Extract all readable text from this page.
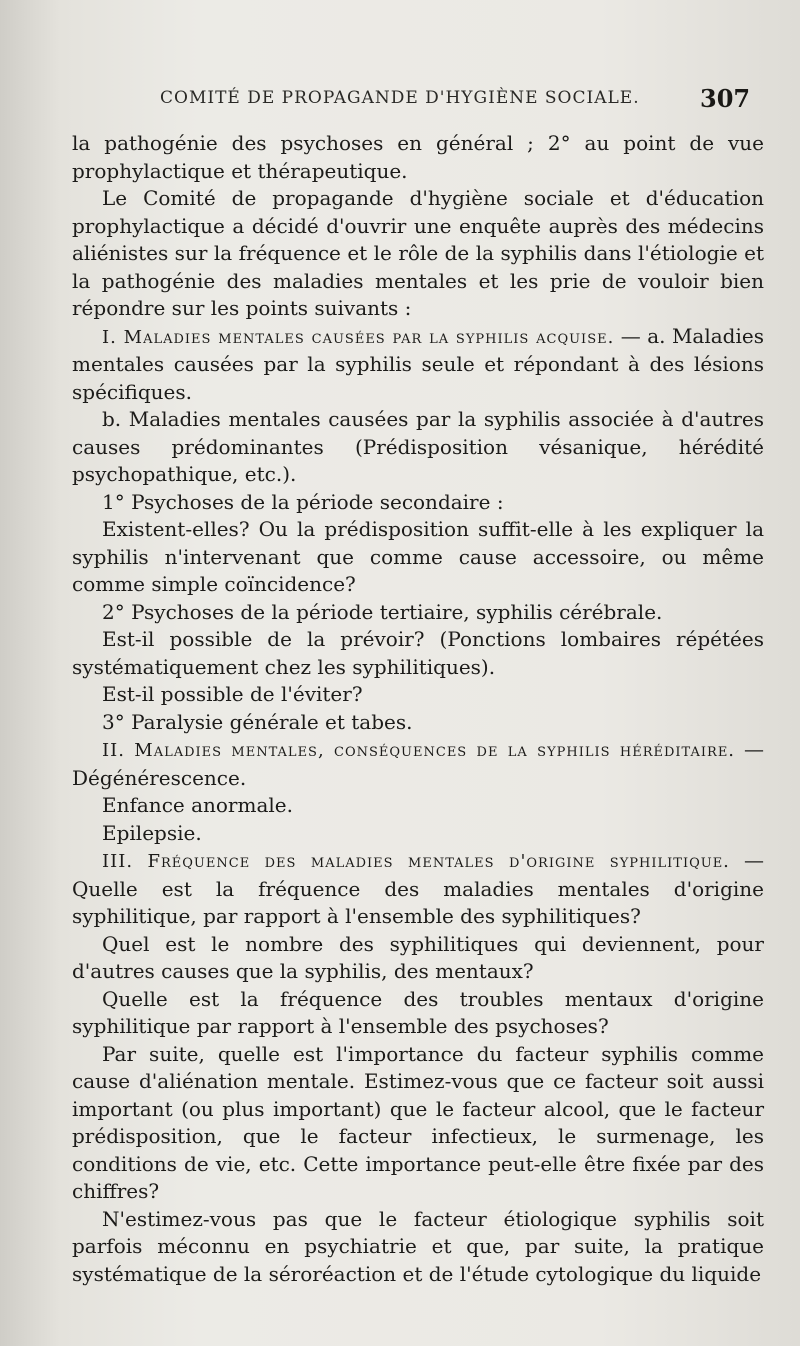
COMITÉ DE PROPAGANDE D'HYGIÈNE SOCIALE.	307

la pathogénie des psychoses en général ; 2° au point de vue prophylactique et thérapeutique.

Le Comité de propagande d'hygiène sociale et d'éducation prophylactique a décidé d'ouvrir une enquête auprès des médecins aliénistes sur la fréquence et le rôle de la syphilis dans l'étiologie et la pathogénie des maladies mentales et les prie de vouloir bien répondre sur les points suivants :

I. Maladies mentales causées par la syphilis acquise. — a. Maladies mentales causées par la syphilis seule et répondant à des lésions spécifiques.

b. Maladies mentales causées par la syphilis associée à d'autres causes prédominantes (Prédisposition vésanique, hérédité psychopathique, etc.).

1° Psychoses de la période secondaire :

Existent-elles? Ou la prédisposition suffit-elle à les expliquer la syphilis n'intervenant que comme cause accessoire, ou même comme simple coïncidence?

2° Psychoses de la période tertiaire, syphilis cérébrale.

Est-il possible de la prévoir? (Ponctions lombaires répétées systématiquement chez les syphilitiques).

Est-il possible de l'éviter?

3° Paralysie générale et tabes.

II. Maladies mentales, conséquences de la syphilis héréditaire. — Dégénérescence.

Enfance anormale.

Epilepsie.

III. Fréquence des maladies mentales d'origine syphilitique. — Quelle est la fréquence des maladies mentales d'origine syphilitique, par rapport à l'ensemble des syphilitiques?

Quel est le nombre des syphilitiques qui deviennent, pour d'autres causes que la syphilis, des mentaux?

Quelle est la fréquence des troubles mentaux d'origine syphilitique par rapport à l'ensemble des psychoses?

Par suite, quelle est l'importance du facteur syphilis comme cause d'aliénation mentale. Estimez-vous que ce facteur soit aussi important (ou plus important) que le facteur alcool, que le facteur prédisposition, que le facteur infectieux, le surmenage, les conditions de vie, etc. Cette importance peut-elle être fixée par des chiffres?

N'estimez-vous pas que le facteur étiologique syphilis soit parfois méconnu en psychiatrie et que, par suite, la pratique systématique de la séroréaction et de l'étude cytologique du liquide
